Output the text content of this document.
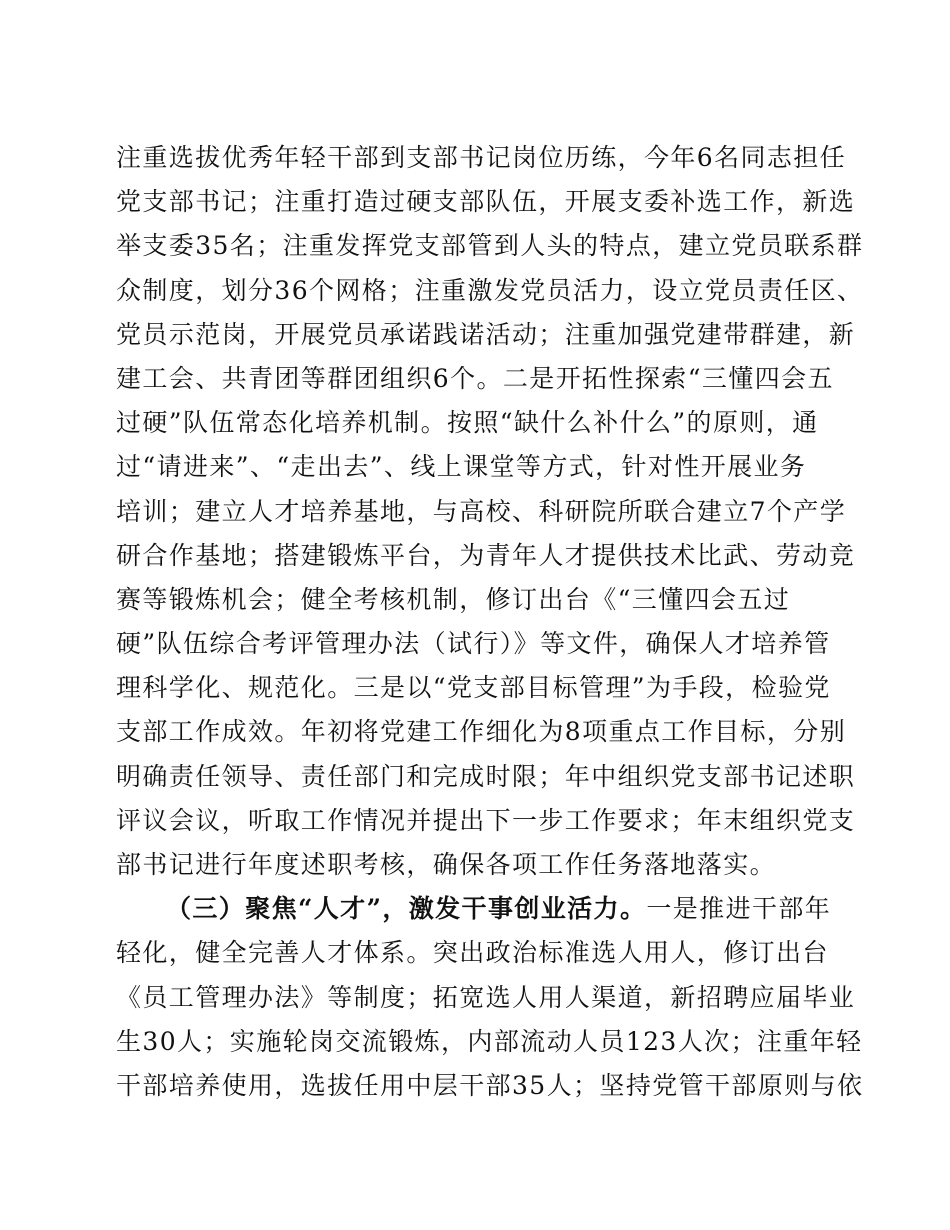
注重选拔优秀年轻干部到支部书记岗位历练，今年6名同志担任
党支部书记；注重打造过硬支部队伍，开展支委补选工作，新选
举支委35名；注重发挥党支部管到人头的特点，建立党员联系群
众制度，划分36个网格；注重激发党员活力，设立党员责任区、
党员示范岗，开展党员承诺践诺活动；注重加强党建带群建，新
建工会、共青团等群团组织6个。二是开拓性探索“三懂四会五
过硬”队伍常态化培养机制。按照“缺什么补什么”的原则，通
过“请进来”、“走出去”、线上课堂等方式，针对性开展业务
培训；建立人才培养基地，与高校、科研院所联合建立7个产学
研合作基地；搭建锻炼平台，为青年人才提供技术比武、劳动竞
赛等锻炼机会；健全考核机制，修订出台《“三懂四会五过
硬”队伍综合考评管理办法（试行）》等文件，确保人才培养管
理科学化、规范化。三是以“党支部目标管理”为手段，检验党
支部工作成效。年初将党建工作细化为8项重点工作目标，分别
明确责任领导、责任部门和完成时限；年中组织党支部书记述职
评议会议，听取工作情况并提出下一步工作要求；年末组织党支
部书记进行年度述职考核，确保各项工作任务落地落实。
（三）聚焦“人才”，激发干事创业活力。一是推进干部年
轻化，健全完善人才体系。突出政治标准选人用人，修订出台
《员工管理办法》等制度；拓宽选人用人渠道，新招聘应届毕业
生30人；实施轮岗交流锻炼，内部流动人员123人次；注重年轻
干部培养使用，选拔任用中层干部35人；坚持党管干部原则与依
